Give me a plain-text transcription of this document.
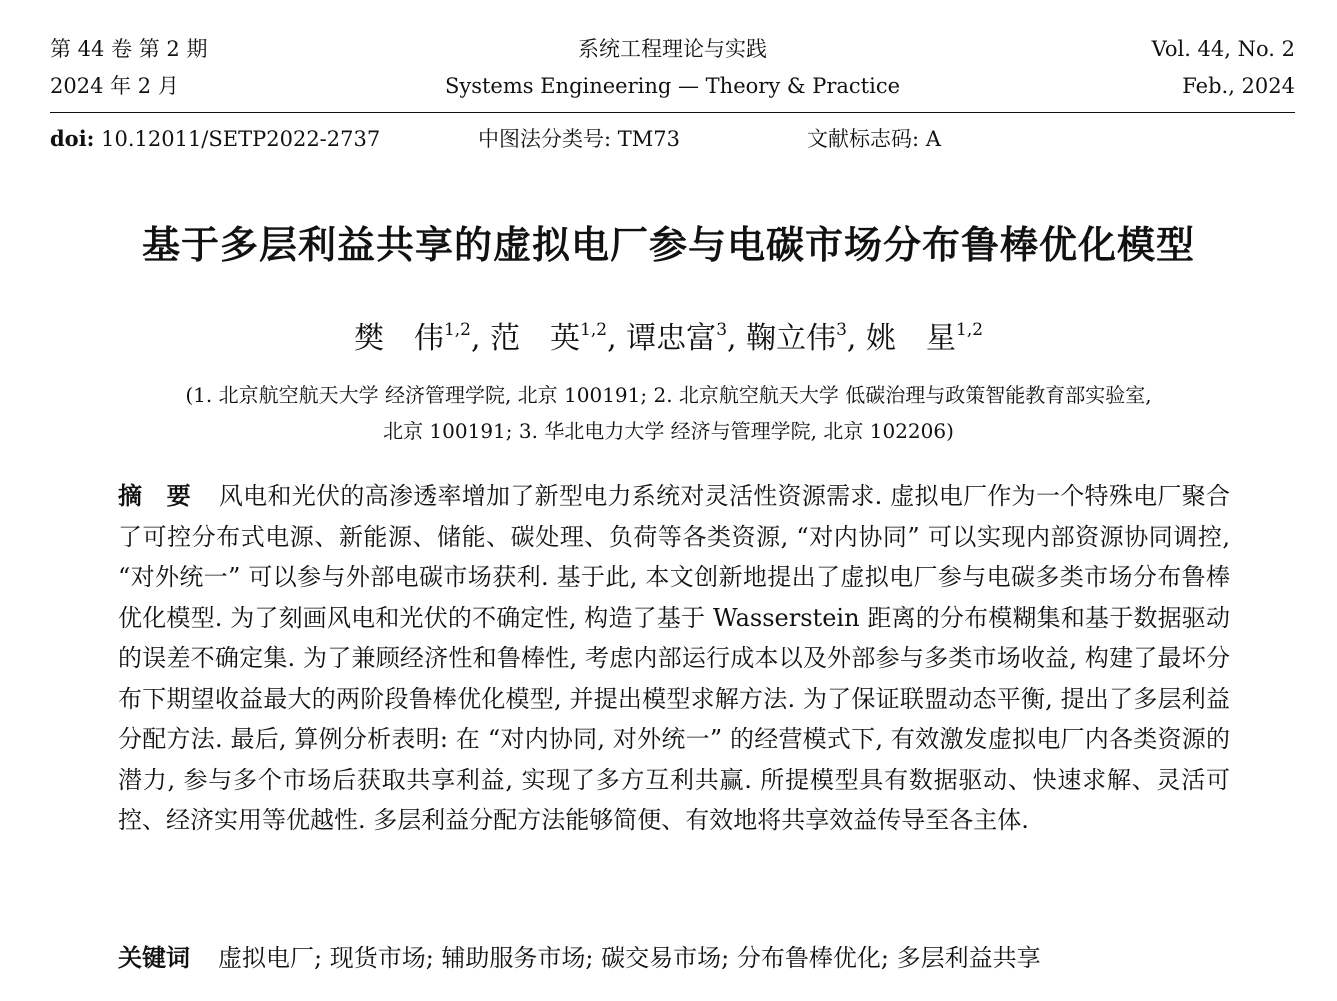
第 44 卷 第 2 期
2024 年 2 月
系统工程理论与实践
Systems Engineering — Theory & Practice
Vol. 44, No. 2
Feb., 2024
doi: 10.12011/SETP2022-2737	中图法分类号: TM73	文献标志码: A
基于多层利益共享的虚拟电厂参与电碳市场分布鲁棒优化模型
樊　伟$^{1,2}$, 范　英$^{1,2}$, 谭忠富$^3$, 鞠立伟$^3$, 姚　星$^{1,2}$
(1. 北京航空航天大学 经济管理学院, 北京 100191; 2. 北京航空航天大学 低碳治理与政策智能教育部实验室,
北京 100191; 3. 华北电力大学 经济与管理学院, 北京 102206)
摘　要 风电和光伏的高渗透率增加了新型电力系统对灵活性资源需求. 虚拟电厂作为一个特殊电厂聚合了可控分布式电源、新能源、储能、碳处理、负荷等各类资源, “对内协同” 可以实现内部资源协同调控, “对外统一” 可以参与外部电碳市场获利. 基于此, 本文创新地提出了虚拟电厂参与电碳多类市场分布鲁棒优化模型. 为了刻画风电和光伏的不确定性, 构造了基于 Wasserstein 距离的分布模糊集和基于数据驱动的误差不确定集. 为了兼顾经济性和鲁棒性, 考虑内部运行成本以及外部参与多类市场收益, 构建了最坏分布下期望收益最大的两阶段鲁棒优化模型, 并提出模型求解方法. 为了保证联盟动态平衡, 提出了多层利益分配方法. 最后, 算例分析表明: 在 “对内协同, 对外统一” 的经营模式下, 有效激发虚拟电厂内各类资源的潜力, 参与多个市场后获取共享利益, 实现了多方互利共赢. 所提模型具有数据驱动、快速求解、灵活可控、经济实用等优越性. 多层利益分配方法能够简便、有效地将共享效益传导至各主体.
关键词 虚拟电厂; 现货市场; 辅助服务市场; 碳交易市场; 分布鲁棒优化; 多层利益共享
